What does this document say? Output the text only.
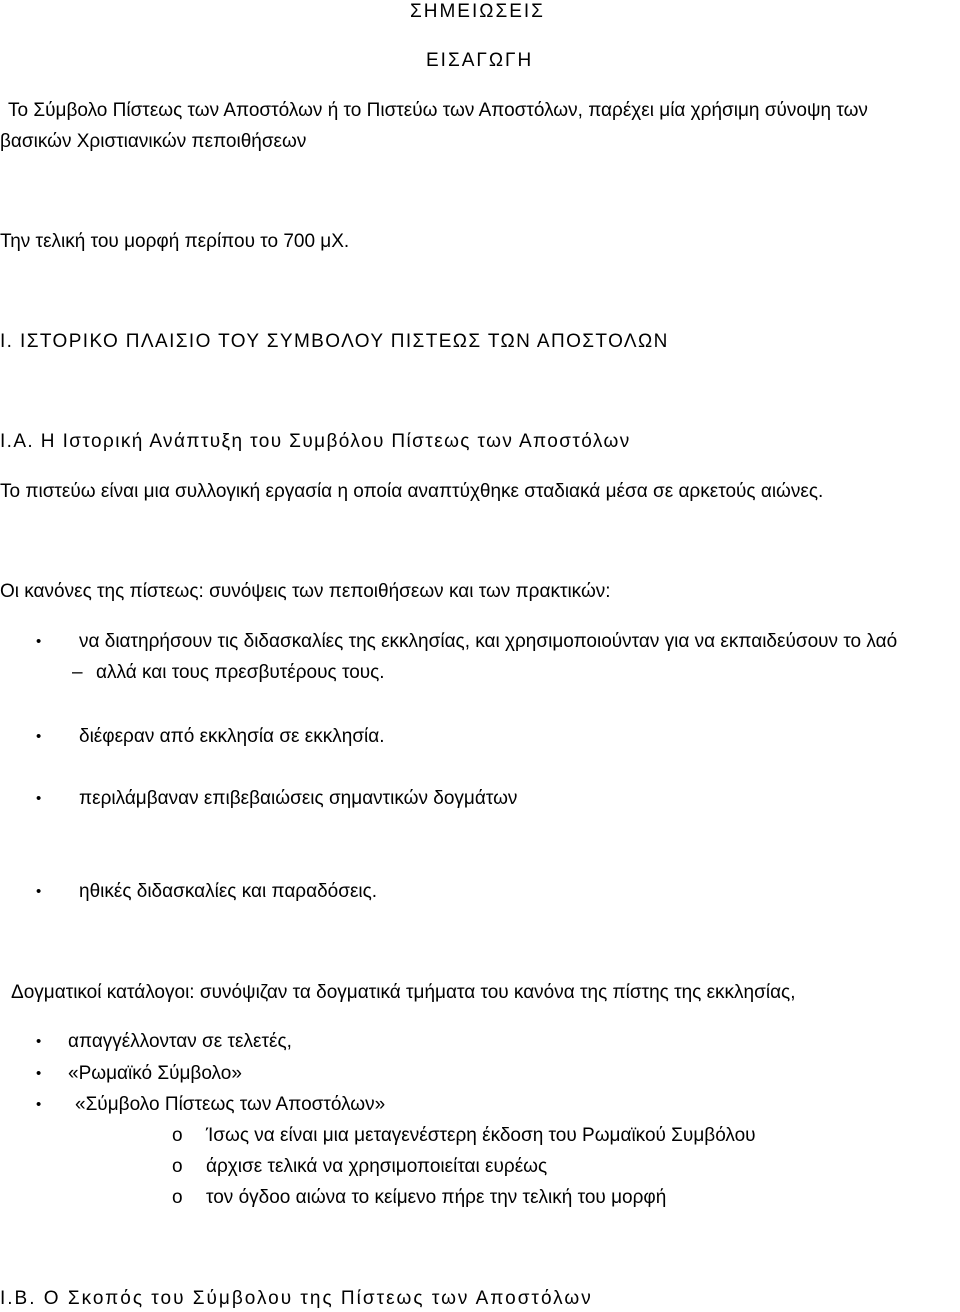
ΣΗΜΕΙΩΣΕΙΣ
ΕΙΣΑΓΩΓΗ
Το Σύμβολο Πίστεως των Αποστόλων ή το Πιστεύω των Αποστόλων, παρέχει μία χρήσιμη σύνοψη των
βασικών Χριστιανικών πεποιθήσεων
Την τελική του μορφή περίπου το 700 μΧ.
Ι. ΙΣΤΟΡΙΚΟ ΠΛΑΙΣΙΟ ΤΟΥ ΣΥΜΒΟΛΟΥ ΠΙΣΤΕΩΣ ΤΩΝ ΑΠΟΣΤΟΛΩΝ
Ι.Α. Η Ιστορική Ανάπτυξη του Συμβόλου Πίστεως των Αποστόλων
Το πιστεύω είναι μια συλλογική εργασία η οποία αναπτύχθηκε σταδιακά μέσα σε αρκετούς αιώνες.
Οι κανόνες της πίστεως: συνόψεις των πεποιθήσεων και των πρακτικών:
• να διατηρήσουν τις διδασκαλίες της εκκλησίας, και χρησιμοποιούνταν για να εκπαιδεύσουν το λαό
– αλλά και τους πρεσβυτέρους τους.
• διέφεραν από εκκλησία σε εκκλησία.
• περιλάμβαναν επιβεβαιώσεις σημαντικών δογμάτων
• ηθικές διδασκαλίες και παραδόσεις.
Δογματικοί κατάλογοι: συνόψιζαν τα δογματικά τμήματα του κανόνα της πίστης της εκκλησίας,
• απαγγέλλονταν σε τελετές,
• «Ρωμαϊκό Σύμβολο»
• «Σύμβολο Πίστεως των Αποστόλων»
o Ίσως να είναι μια μεταγενέστερη έκδοση του Ρωμαϊκού Συμβόλου
o άρχισε τελικά να χρησιμοποιείται ευρέως
o τον όγδοο αιώνα το κείμενο πήρε την τελική του μορφή
Ι.Β. Ο Σκοπός του Σύμβολου της Πίστεως των Αποστόλων
